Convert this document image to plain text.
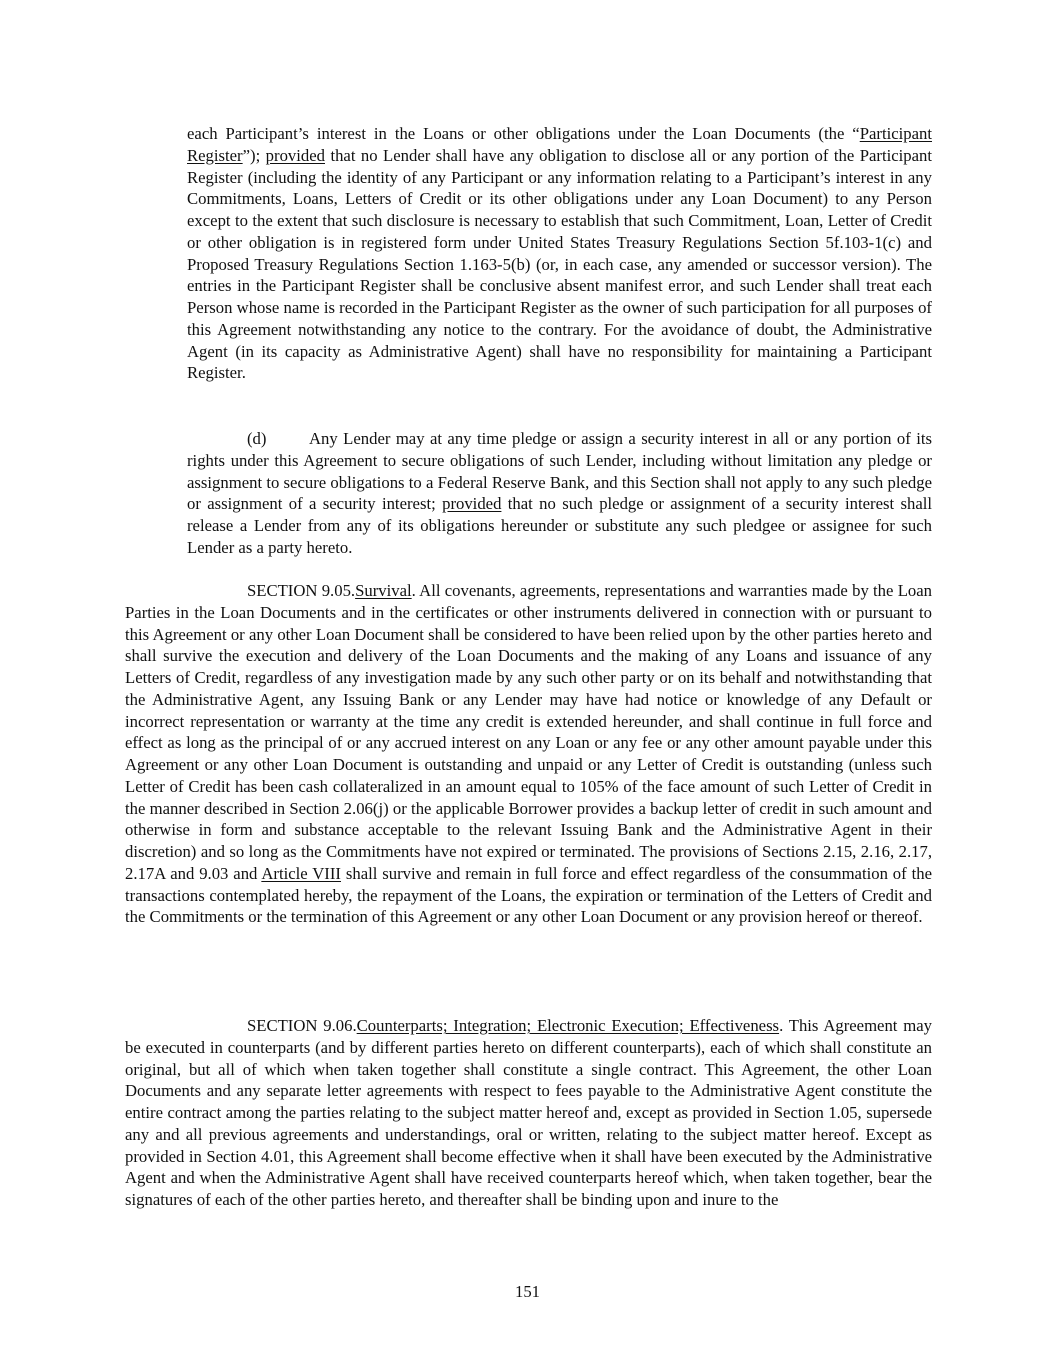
each Participant’s interest in the Loans or other obligations under the Loan Documents (the “Participant Register”); provided that no Lender shall have any obligation to disclose all or any portion of the Participant Register (including the identity of any Participant or any information relating to a Participant’s interest in any Commitments, Loans, Letters of Credit or its other obligations under any Loan Document) to any Person except to the extent that such disclosure is necessary to establish that such Commitment, Loan, Letter of Credit or other obligation is in registered form under United States Treasury Regulations Section 5f.103-1(c) and Proposed Treasury Regulations Section 1.163-5(b) (or, in each case, any amended or successor version). The entries in the Participant Register shall be conclusive absent manifest error, and such Lender shall treat each Person whose name is recorded in the Participant Register as the owner of such participation for all purposes of this Agreement notwithstanding any notice to the contrary. For the avoidance of doubt, the Administrative Agent (in its capacity as Administrative Agent) shall have no responsibility for maintaining a Participant Register.

(d)	Any Lender may at any time pledge or assign a security interest in all or any portion of its rights under this Agreement to secure obligations of such Lender, including without limitation any pledge or assignment to secure obligations to a Federal Reserve Bank, and this Section shall not apply to any such pledge or assignment of a security interest; provided that no such pledge or assignment of a security interest shall release a Lender from any of its obligations hereunder or substitute any such pledgee or assignee for such Lender as a party hereto.

SECTION 9.05.Survival. All covenants, agreements, representations and warranties made by the Loan Parties in the Loan Documents and in the certificates or other instruments delivered in connection with or pursuant to this Agreement or any other Loan Document shall be considered to have been relied upon by the other parties hereto and shall survive the execution and delivery of the Loan Documents and the making of any Loans and issuance of any Letters of Credit, regardless of any investigation made by any such other party or on its behalf and notwithstanding that the Administrative Agent, any Issuing Bank or any Lender may have had notice or knowledge of any Default or incorrect representation or warranty at the time any credit is extended hereunder, and shall continue in full force and effect as long as the principal of or any accrued interest on any Loan or any fee or any other amount payable under this Agreement or any other Loan Document is outstanding and unpaid or any Letter of Credit is outstanding (unless such Letter of Credit has been cash collateralized in an amount equal to 105% of the face amount of such Letter of Credit in the manner described in Section 2.06(j) or the applicable Borrower provides a backup letter of credit in such amount and otherwise in form and substance acceptable to the relevant Issuing Bank and the Administrative Agent in their discretion) and so long as the Commitments have not expired or terminated. The provisions of Sections 2.15, 2.16, 2.17, 2.17A and 9.03 and Article VIII shall survive and remain in full force and effect regardless of the consummation of the transactions contemplated hereby, the repayment of the Loans, the expiration or termination of the Letters of Credit and the Commitments or the termination of this Agreement or any other Loan Document or any provision hereof or thereof.

SECTION 9.06.Counterparts; Integration; Electronic Execution; Effectiveness. This Agreement may be executed in counterparts (and by different parties hereto on different counterparts), each of which shall constitute an original, but all of which when taken together shall constitute a single contract. This Agreement, the other Loan Documents and any separate letter agreements with respect to fees payable to the Administrative Agent constitute the entire contract among the parties relating to the subject matter hereof and, except as provided in Section 1.05, supersede any and all previous agreements and understandings, oral or written, relating to the subject matter hereof. Except as provided in Section 4.01, this Agreement shall become effective when it shall have been executed by the Administrative Agent and when the Administrative Agent shall have received counterparts hereof which, when taken together, bear the signatures of each of the other parties hereto, and thereafter shall be binding upon and inure to the

151
